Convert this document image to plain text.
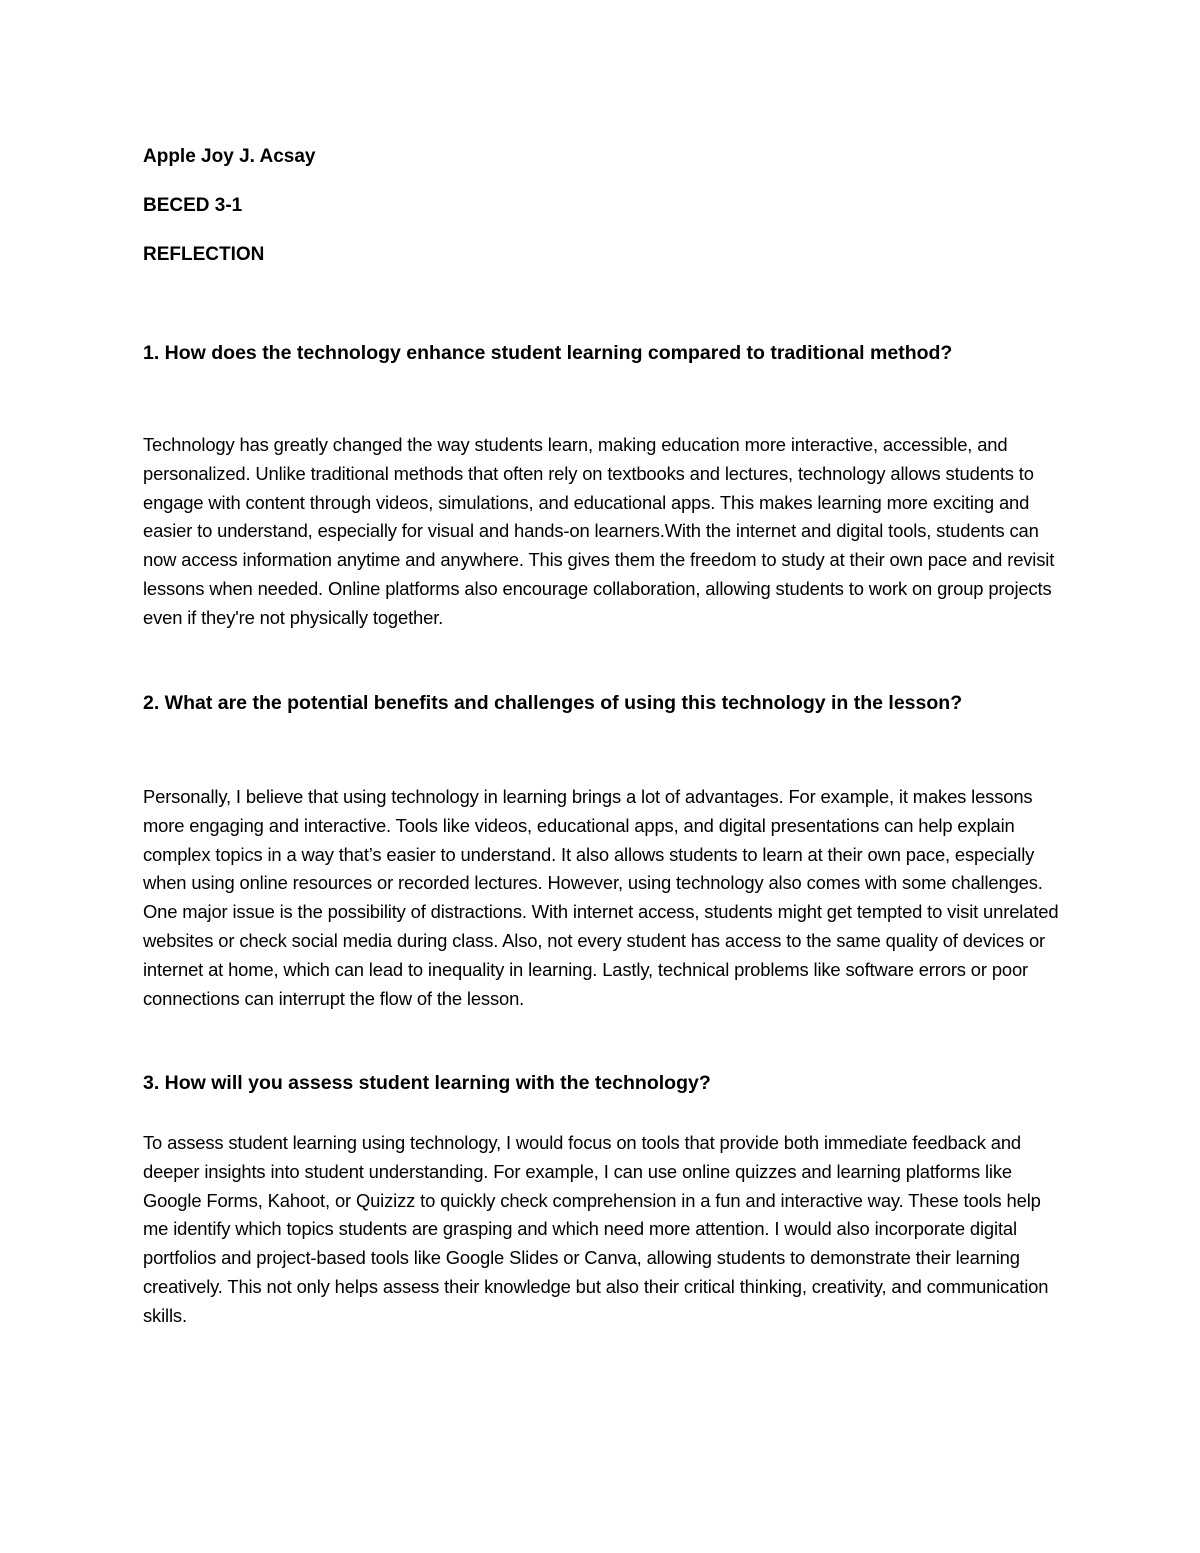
Apple Joy J. Acsay

BECED 3-1

REFLECTION

1. How does the technology enhance student learning compared to traditional method?

Technology has greatly changed the way students learn, making education more interactive, accessible, and personalized. Unlike traditional methods that often rely on textbooks and lectures, technology allows students to engage with content through videos, simulations, and educational apps. This makes learning more exciting and easier to understand, especially for visual and hands-on learners.With the internet and digital tools, students can now access information anytime and anywhere. This gives them the freedom to study at their own pace and revisit lessons when needed. Online platforms also encourage collaboration, allowing students to work on group projects even if they're not physically together.

2. What are the potential benefits and challenges of using this technology in the lesson?

Personally, I believe that using technology in learning brings a lot of advantages. For example, it makes lessons more engaging and interactive. Tools like videos, educational apps, and digital presentations can help explain complex topics in a way that’s easier to understand. It also allows students to learn at their own pace, especially when using online resources or recorded lectures. However, using technology also comes with some challenges. One major issue is the possibility of distractions. With internet access, students might get tempted to visit unrelated websites or check social media during class. Also, not every student has access to the same quality of devices or internet at home, which can lead to inequality in learning. Lastly, technical problems like software errors or poor connections can interrupt the flow of the lesson.

3. How will you assess student learning with the technology?

To assess student learning using technology, I would focus on tools that provide both immediate feedback and deeper insights into student understanding. For example, I can use online quizzes and learning platforms like Google Forms, Kahoot, or Quizizz to quickly check comprehension in a fun and interactive way. These tools help me identify which topics students are grasping and which need more attention. I would also incorporate digital portfolios and project-based tools like Google Slides or Canva, allowing students to demonstrate their learning creatively. This not only helps assess their knowledge but also their critical thinking, creativity, and communication skills.
